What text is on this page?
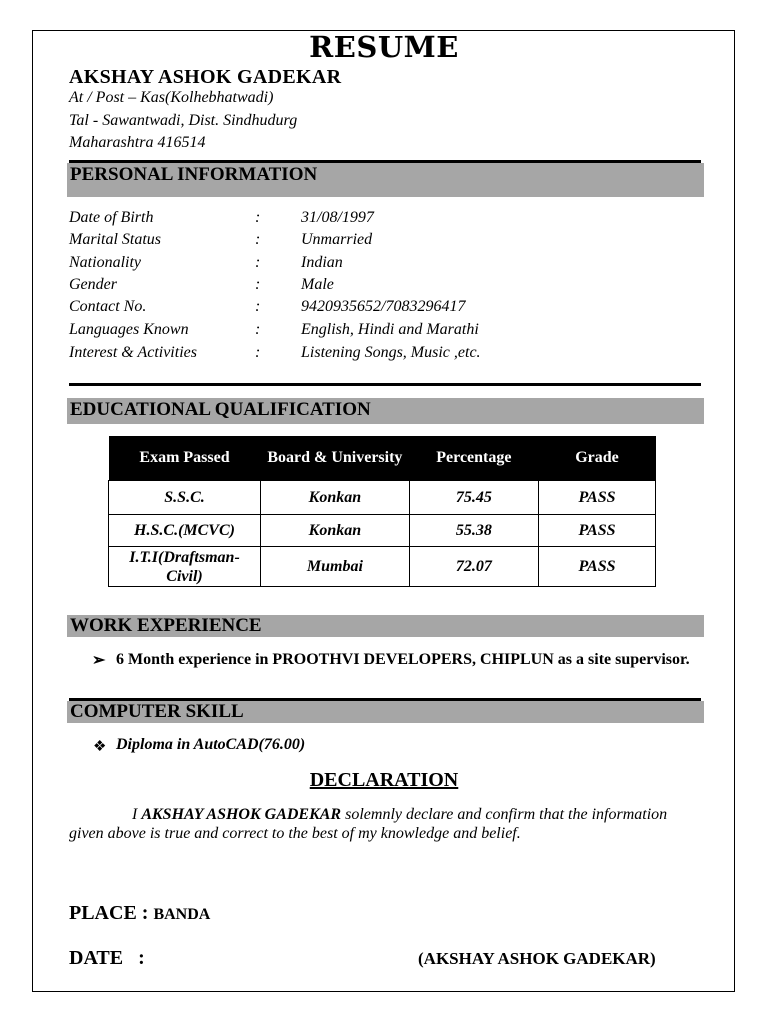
RESUME
AKSHAY ASHOK GADEKAR
At / Post – Kas(Kolhebhatwadi)
Tal - Sawantwadi, Dist. Sindhudurg
Maharashtra 416514
PERSONAL INFORMATION
Date of Birth	:	31/08/1997
Marital Status	:	Unmarried
Nationality	:	Indian
Gender	:	Male
Contact No.	:	9420935652/7083296417
Languages Known	:	English, Hindi and Marathi
Interest & Activities	:	Listening Songs, Music ,etc.
EDUCATIONAL QUALIFICATION
Exam Passed	Board & University	Percentage	Grade
S.S.C.	Konkan	75.45	PASS
H.S.C.(MCVC)	Konkan	55.38	PASS
I.T.I(Draftsman-Civil)	Mumbai	72.07	PASS
WORK EXPERIENCE
➢ 6 Month experience in PROOTHVI DEVELOPERS, CHIPLUN as a site supervisor.
COMPUTER SKILL
❖ Diploma in AutoCAD(76.00)
DECLARATION
I AKSHAY ASHOK GADEKAR solemnly declare and confirm that the information given above is true and correct to the best of my knowledge and belief.
PLACE : BANDA
DATE   :	(AKSHAY ASHOK GADEKAR)
